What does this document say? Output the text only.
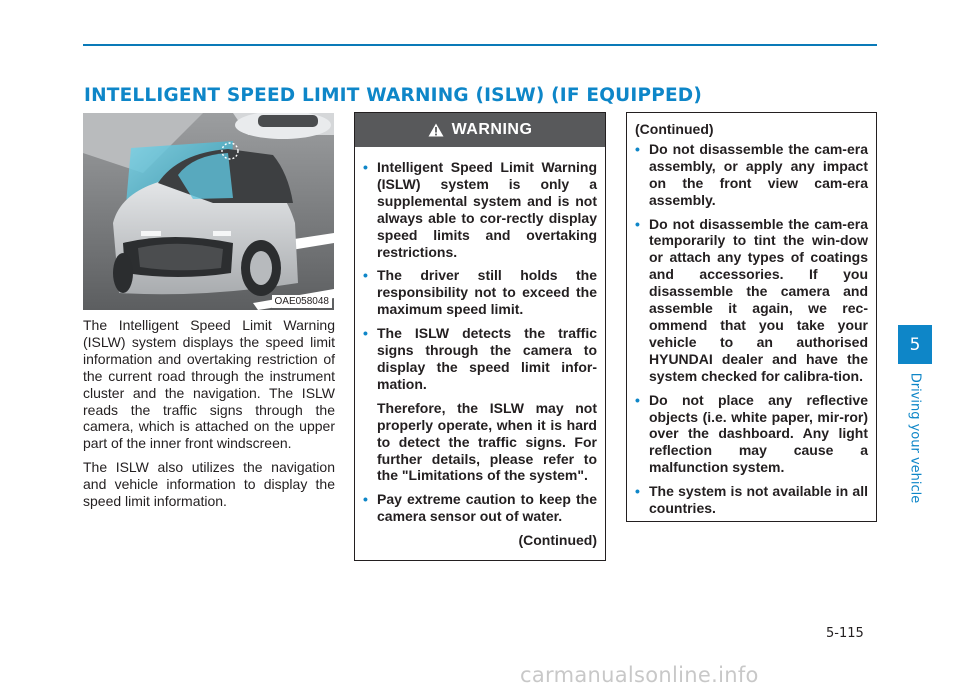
INTELLIGENT SPEED LIMIT WARNING (ISLW) (IF EQUIPPED)
OAE058048

The Intelligent Speed Limit Warning (ISLW) system displays the speed limit information and overtaking restriction of the current road through the instrument cluster and the navigation. The ISLW reads the traffic signs through the camera, which is attached on the upper part of the inner front windscreen.

The ISLW also utilizes the navigation and vehicle information to display the speed limit information.

WARNING
• Intelligent Speed Limit Warning (ISLW) system is only a supplemental system and is not always able to cor-rectly display speed limits and overtaking restrictions.
• The driver still holds the responsibility not to exceed the maximum speed limit.
• The ISLW detects the traffic signs through the camera to display the speed limit infor-mation.

Therefore, the ISLW may not properly operate, when it is hard to detect the traffic signs. For further details, please refer to the "Limitations of the system".

• Pay extreme caution to keep the camera sensor out of water.
(Continued)
(Continued)
• Do not disassemble the cam-era assembly, or apply any impact on the front view cam-era assembly.
• Do not disassemble the cam-era temporarily to tint the win-dow or attach any types of coatings and accessories. If you disassemble the camera and assemble it again, we rec-ommend that you take your vehicle to an authorised HYUNDAI dealer and have the system checked for calibra-tion.
• Do not place any reflective objects (i.e. white paper, mir-ror) over the dashboard. Any light reflection may cause a malfunction system.
• The system is not available in all countries.
5
Driving your vehicle
5-115
carmanualsonline.info
